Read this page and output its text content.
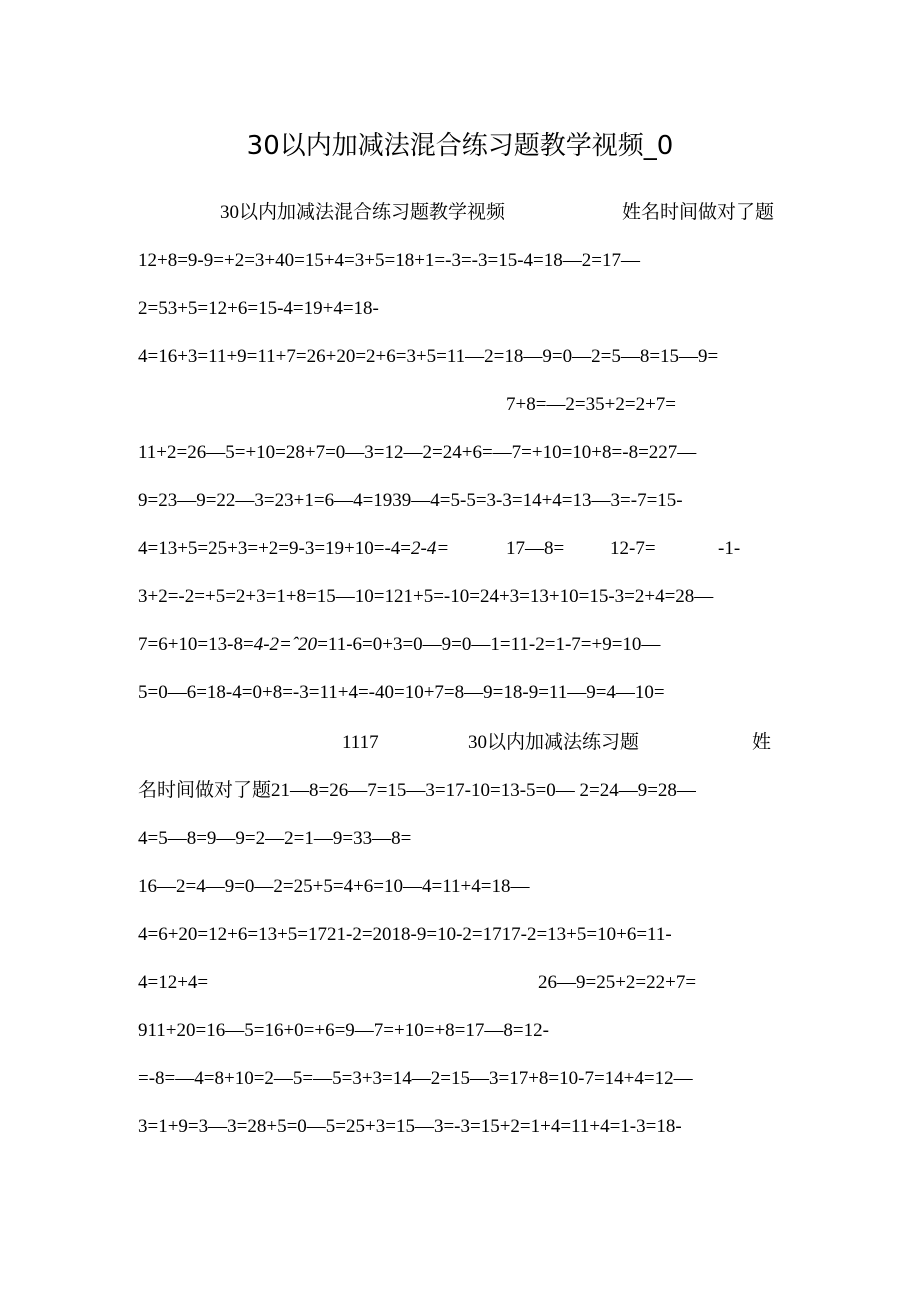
30以内加减法混合练习题教学视频_0
30以内加减法混合练习题教学视频	姓名时间做对了题
12+8=9-9=+2=3+40=15+4=3+5=18+1=-3=-3=15-4=18—2=17—
2=53+5=12+6=15-4=19+4=18-
4=16+3=11+9=11+7=26+20=2+6=3+5=11—2=18—9=0—2=5—8=15—9=
7+8=—2=35+2=2+7=
11+2=26—5=+10=28+7=0—3=12—2=24+6=—7=+10=10+8=-8=227—
9=23—9=22—3=23+1=6—4=1939—4=5-5=3-3=14+4=13—3=-7=15-
4=13+5=25+3=+2=9-3=19+10=-4=2-4=	17—8= 12-7=	-1-
3+2=-2=+5=2+3=1+8=15—10=121+5=-10=24+3=13+10=15-3=2+4=28—
7=6+10=13-8=4-2=ˆ20=11-6=0+3=0—9=0—1=11-2=1-7=+9=10—
5=0—6=18-4=0+8=-3=11+4=-40=10+7=8—9=18-9=11—9=4—10=
1117	30以内加减法练习题	姓
名时间做对了题21—8=26—7=15—3=17-10=13-5=0— 2=24—9=28—
4=5—8=9—9=2—2=1—9=33—8=
16—2=4—9=0—2=25+5=4+6=10—4=11+4=18—
4=6+20=12+6=13+5=1721-2=2018-9=10-2=1717-2=13+5=10+6=11-
4=12+4=	26—9=25+2=22+7=
911+20=16—5=16+0=+6=9—7=+10=+8=17—8=12-
=-8=—4=8+10=2—5=—5=3+3=14—2=15—3=17+8=10-7=14+4=12—
3=1+9=3—3=28+5=0—5=25+3=15—3=-3=15+2=1+4=11+4=1-3=18-
